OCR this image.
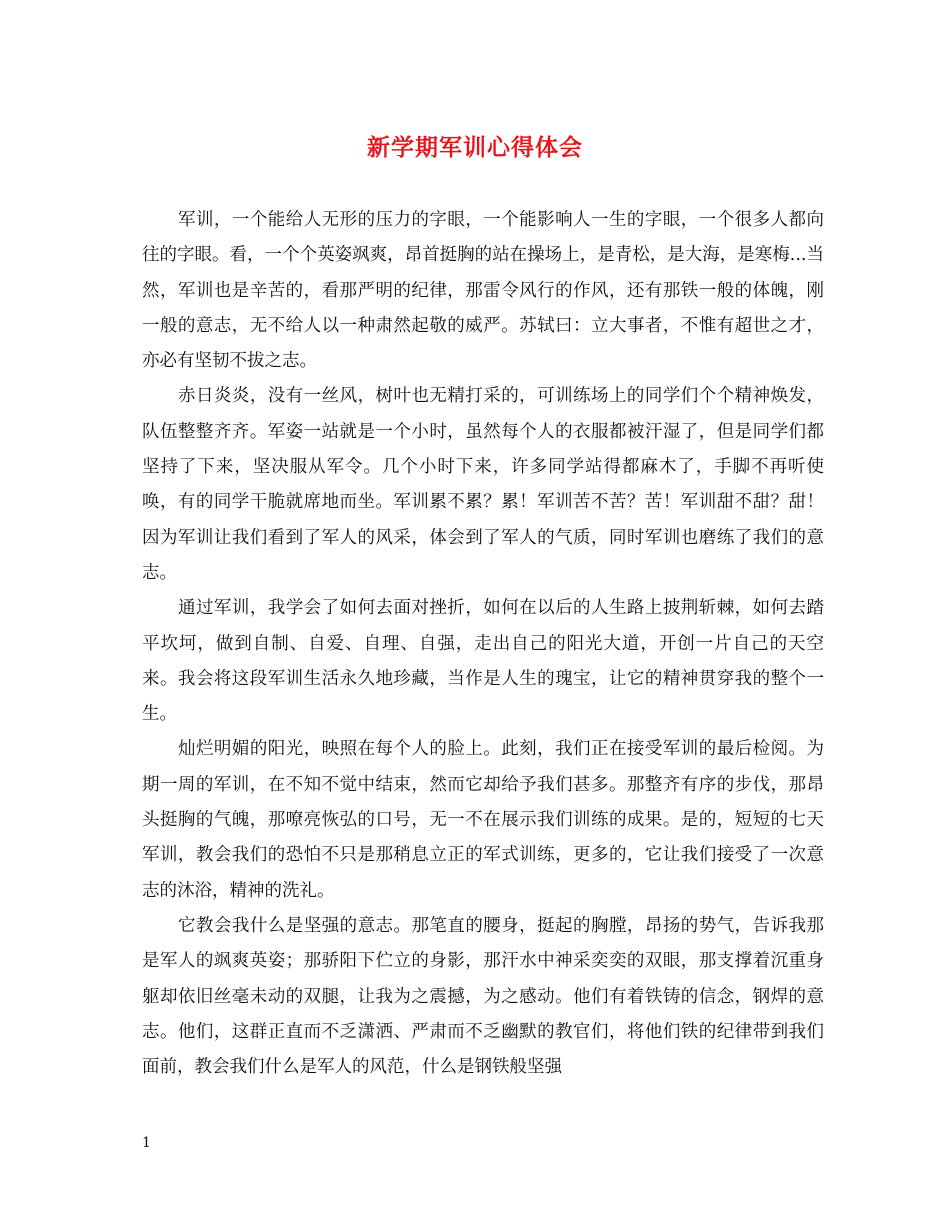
新学期军训心得体会

军训，一个能给人无形的压力的字眼，一个能影响人一生的字眼，一个很多人都向往的字眼。看，一个个英姿飒爽，昂首挺胸的站在操场上，是青松，是大海，是寒梅...当然，军训也是辛苦的，看那严明的纪律，那雷令风行的作风，还有那铁一般的体魄，刚一般的意志，无不给人以一种肃然起敬的威严。苏轼曰：立大事者，不惟有超世之才，亦必有坚韧不拔之志。

赤日炎炎，没有一丝风，树叶也无精打采的，可训练场上的同学们个个精神焕发，队伍整整齐齐。军姿一站就是一个小时，虽然每个人的衣服都被汗湿了，但是同学们都坚持了下来，坚决服从军令。几个小时下来，许多同学站得都麻木了，手脚不再听使唤，有的同学干脆就席地而坐。军训累不累？累！军训苦不苦？苦！军训甜不甜？甜！因为军训让我们看到了军人的风采，体会到了军人的气质，同时军训也磨练了我们的意志。

通过军训，我学会了如何去面对挫折，如何在以后的人生路上披荆斩棘，如何去踏平坎坷，做到自制、自爱、自理、自强，走出自己的阳光大道，开创一片自己的天空来。我会将这段军训生活永久地珍藏，当作是人生的瑰宝，让它的精神贯穿我的整个一生。

灿烂明媚的阳光，映照在每个人的脸上。此刻，我们正在接受军训的最后检阅。为期一周的军训，在不知不觉中结束，然而它却给予我们甚多。那整齐有序的步伐，那昂头挺胸的气魄，那嘹亮恢弘的口号，无一不在展示我们训练的成果。是的，短短的七天军训，教会我们的恐怕不只是那稍息立正的军式训练，更多的，它让我们接受了一次意志的沐浴，精神的洗礼。

它教会我什么是坚强的意志。那笔直的腰身，挺起的胸膛，昂扬的势气，告诉我那是军人的飒爽英姿；那骄阳下伫立的身影，那汗水中神采奕奕的双眼，那支撑着沉重身躯却依旧丝毫未动的双腿，让我为之震撼，为之感动。他们有着铁铸的信念，钢焊的意志。他们，这群正直而不乏潇洒、严肃而不乏幽默的教官们，将他们铁的纪律带到我们面前，教会我们什么是军人的风范，什么是钢铁般坚强

1
